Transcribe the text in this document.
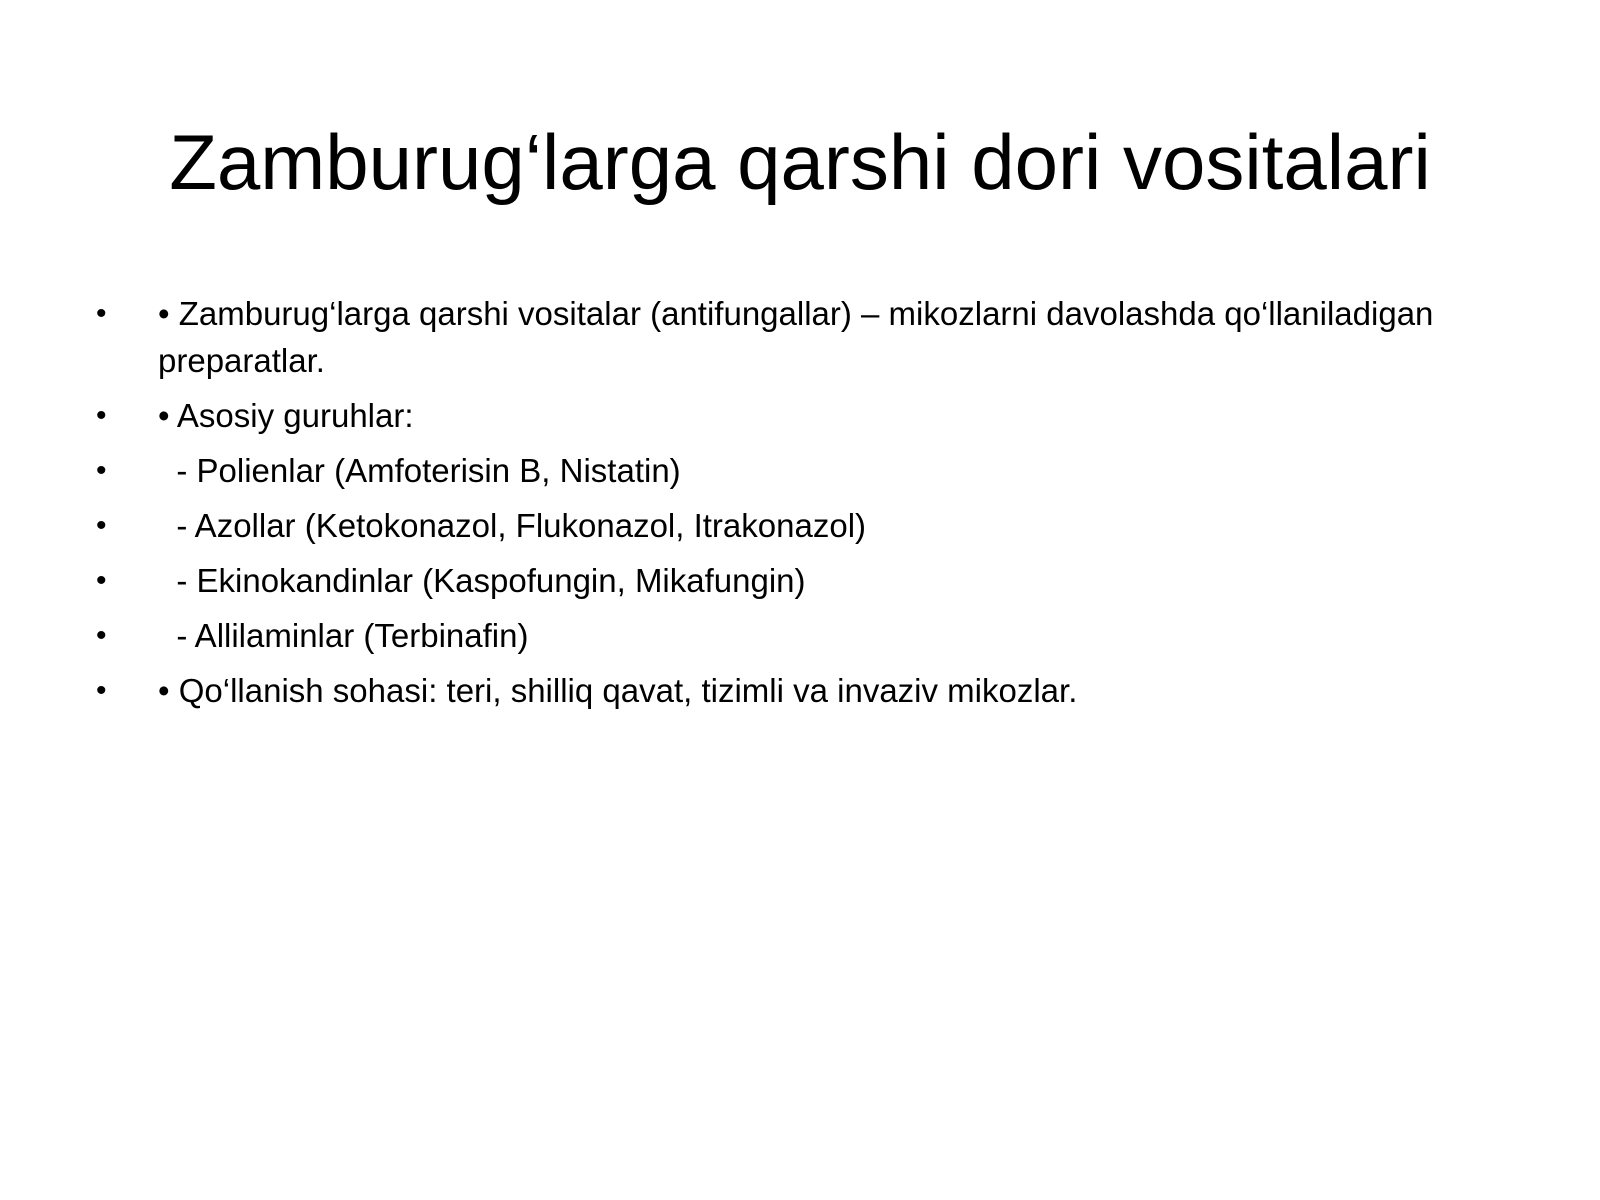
Zamburug‘larga qarshi dori vositalari
• • Zamburug‘larga qarshi vositalar (antifungallar) – mikozlarni davolashda qo‘llaniladigan preparatlar.
• • Asosiy guruhlar:
• - Polienlar (Amfoterisin B, Nistatin)
• - Azollar (Ketokonazol, Flukonazol, Itrakonazol)
• - Ekinokandinlar (Kaspofungin, Mikafungin)
• - Allilaminlar (Terbinafin)
• • Qo‘llanish sohasi: teri, shilliq qavat, tizimli va invaziv mikozlar.
